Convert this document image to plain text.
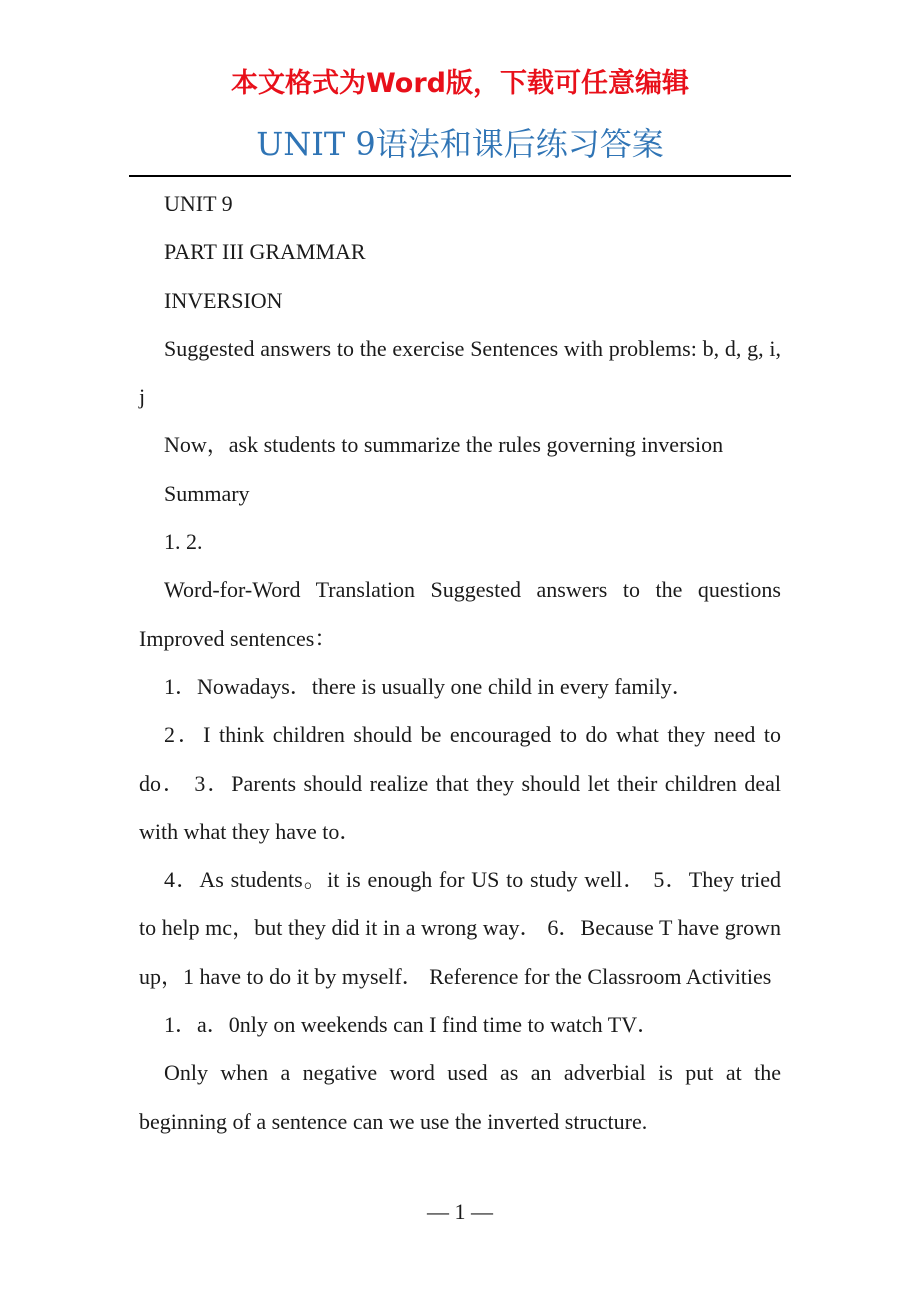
本文格式为Word版，下载可任意编辑
UNIT 9语法和课后练习答案

UNIT 9

PART III GRAMMAR

INVERSION

Suggested answers to the exercise Sentences with problems: b, d, g, i, j

Now，ask students to summarize the rules governing inversion

Summary

1. 2.

Word-for-Word Translation Suggested answers to the questions Improved sentences：

1．Nowadays．there is usually one child in every family．

2．I think children should be encouraged to do what they need to do． 3．Parents should realize that they should let their children deal with what they have to．

4．As students。it is enough for US to study well． 5．They tried to help mc，but they did it in a wrong way． 6．Because T have grown up，1 have to do it by myself． Reference for the Classroom Activities

1．a．0nly on weekends can I find time to watch TV．

Only when a negative word used as an adverbial is put at the beginning of a sentence can we use the inverted structure.

— 1 —
